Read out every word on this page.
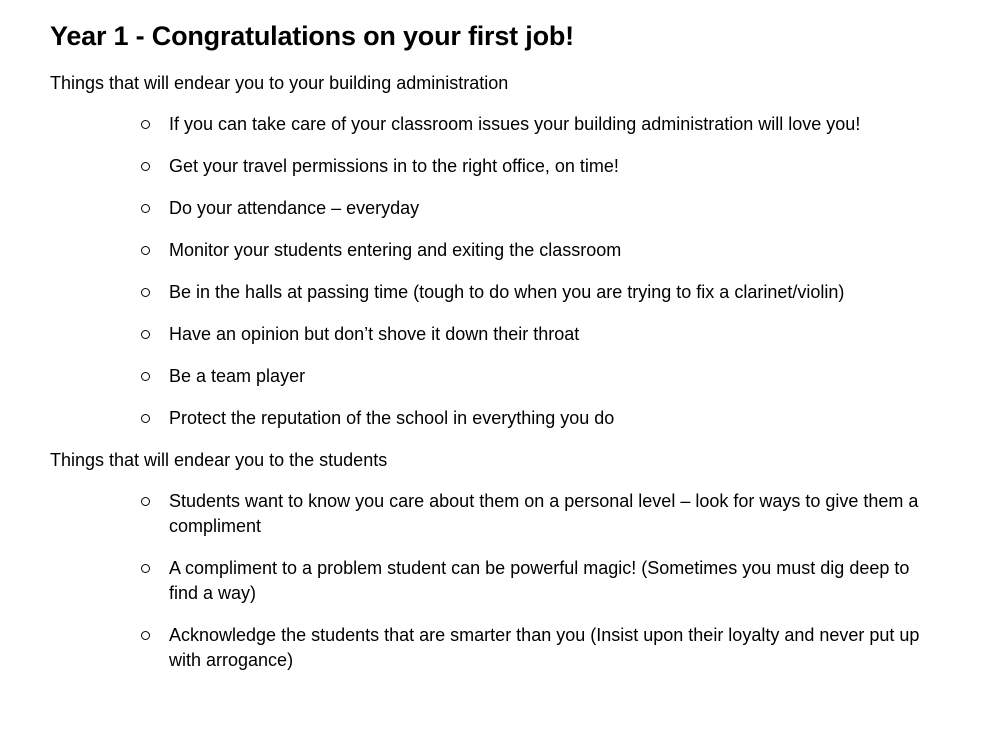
Year 1 - Congratulations on your first job!

Things that will endear you to your building administration

If you can take care of your classroom issues your building administration will love you!
Get your travel permissions in to the right office, on time!
Do your attendance – everyday
Monitor your students entering and exiting the classroom
Be in the halls at passing time (tough to do when you are trying to fix a clarinet/violin)
Have an opinion but don’t shove it down their throat
Be a team player
Protect the reputation of the school in everything you do

Things that will endear you to the students

Students want to know you care about them on a personal level – look for ways to give them a compliment
A compliment to a problem student can be powerful magic! (Sometimes you must dig deep to find a way)
Acknowledge the students that are smarter than you (Insist upon their loyalty and never put up with arrogance)
